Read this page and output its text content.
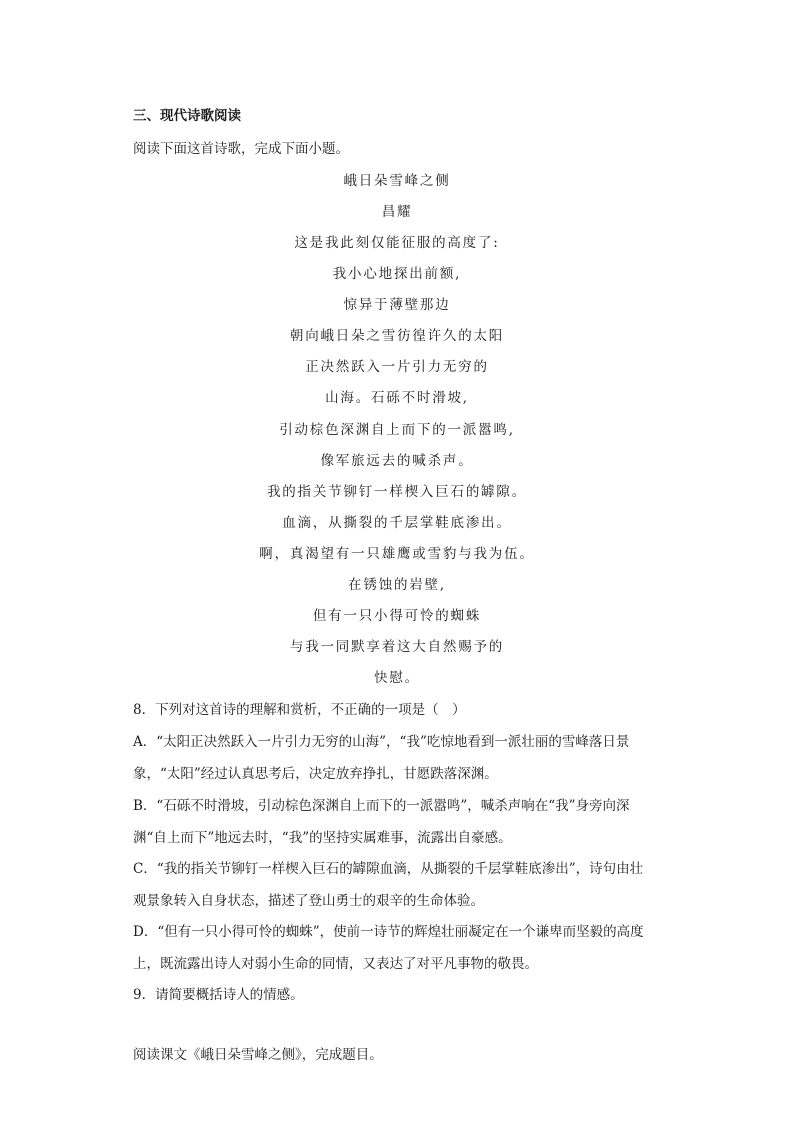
三、现代诗歌阅读
阅读下面这首诗歌，完成下面小题。
峨日朵雪峰之侧
昌耀
这是我此刻仅能征服的高度了:
我小心地探出前额,
惊异于薄壁那边
朝向峨日朵之雪彷徨许久的太阳
正决然跃入一片引力无穷的
山海。石砾不时滑坡,
引动棕色深渊自上而下的一派嚣鸣,
像军旅远去的喊杀声。
我的指关节铆钉一样楔入巨石的罅隙。
血滴，从撕裂的千层掌鞋底渗出。
啊，真渴望有一只雄鹰或雪豹与我为伍。
在锈蚀的岩壁,
但有一只小得可怜的蜘蛛
与我一同默享着这大自然赐予的
快慰。
8．下列对这首诗的理解和赏析，不正确的一项是（　）
A．“太阳正决然跃入一片引力无穷的山海”，“我”吃惊地看到一派壮丽的雪峰落日景
象，“太阳”经过认真思考后，决定放弃挣扎，甘愿跌落深渊。
B．“石砾不时滑坡，引动棕色深渊自上而下的一派嚣鸣”，喊杀声响在“我”身旁向深
渊“自上而下”地远去时，“我”的坚持实属难事，流露出自豪感。
C．“我的指关节铆钉一样楔入巨石的罅隙血滴，从撕裂的千层掌鞋底渗出”，诗句由壮
观景象转入自身状态，描述了登山勇士的艰辛的生命体验。
D．“但有一只小得可怜的蜘蛛”，使前一诗节的辉煌壮丽凝定在一个谦卑而坚毅的高度
上，既流露出诗人对弱小生命的同情，又表达了对平凡事物的敬畏。
9．请简要概括诗人的情感。
阅读课文《峨日朵雪峰之侧》，完成题目。
